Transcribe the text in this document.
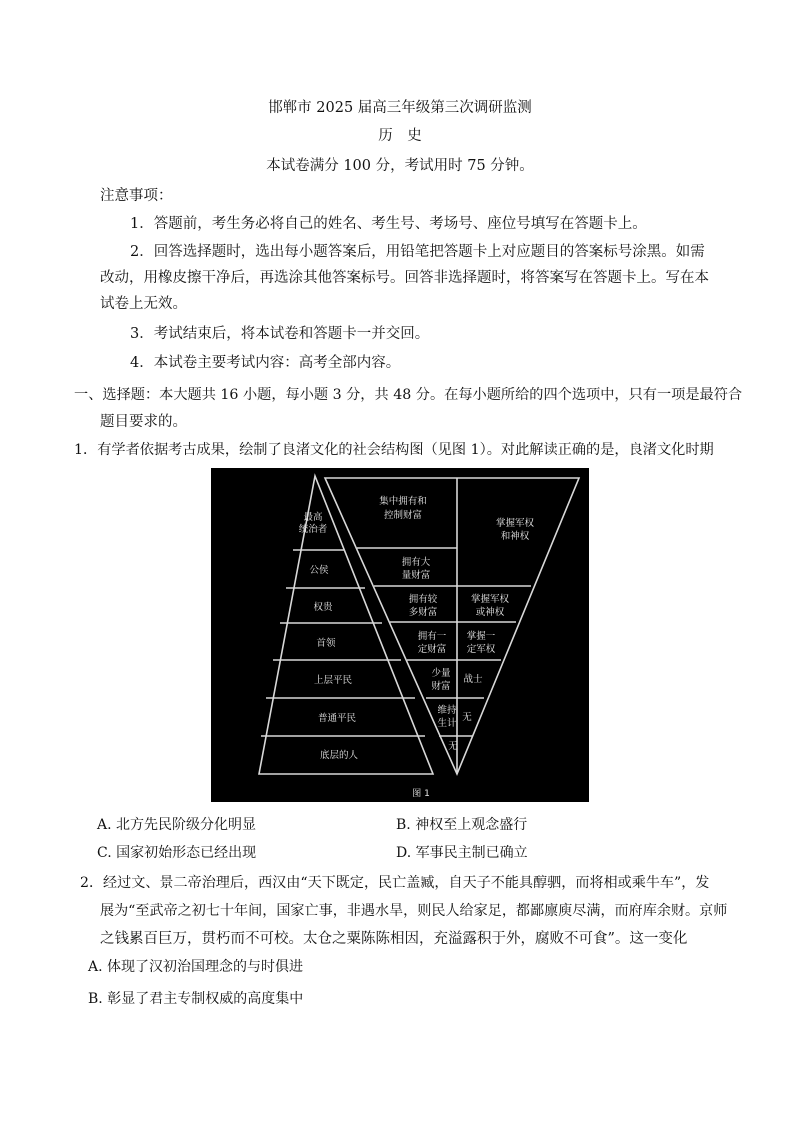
邯郸市 2025 届高三年级第三次调研监测
历　史
本试卷满分 100 分，考试用时 75 分钟。
注意事项：
1．答题前，考生务必将自己的姓名、考生号、考场号、座位号填写在答题卡上。
2．回答选择题时，选出每小题答案后，用铅笔把答题卡上对应题目的答案标号涂黑。如需
改动，用橡皮擦干净后，再选涂其他答案标号。回答非选择题时，将答案写在答题卡上。写在本
试卷上无效。
3．考试结束后，将本试卷和答题卡一并交回。
4．本试卷主要考试内容：高考全部内容。
一、选择题：本大题共 16 小题，每小题 3 分，共 48 分。在每小题所给的四个选项中，只有一项是最符合
题目要求的。
1．有学者依据考古成果，绘制了良渚文化的社会结构图（见图 1）。对此解读正确的是，良渚文化时期
最高
统治者
公侯
权贵
首领
上层平民
普通平民
底层的人
集中拥有和
控制财富
拥有大
量财富
拥有较
多财富
拥有一
定财富
少量
财富
维持
生计
无
掌握军权
和神权
掌握军权
或神权
掌握一
定军权
战士
无
图 1
A. 北方先民阶级分化明显	B. 神权至上观念盛行
C. 国家初始形态已经出现	D. 军事民主制已确立
2．经过文、景二帝治理后，西汉由“天下既定，民亡盖臧，自天子不能具醇驷，而将相或乘牛车”，发
展为“至武帝之初七十年间，国家亡事，非遇水旱，则民人给家足，都鄙廪庾尽满，而府库余财。京师
之钱累百巨万，贯朽而不可校。太仓之粟陈陈相因，充溢露积于外，腐败不可食”。这一变化
A. 体现了汉初治国理念的与时俱进
B. 彰显了君主专制权威的高度集中
